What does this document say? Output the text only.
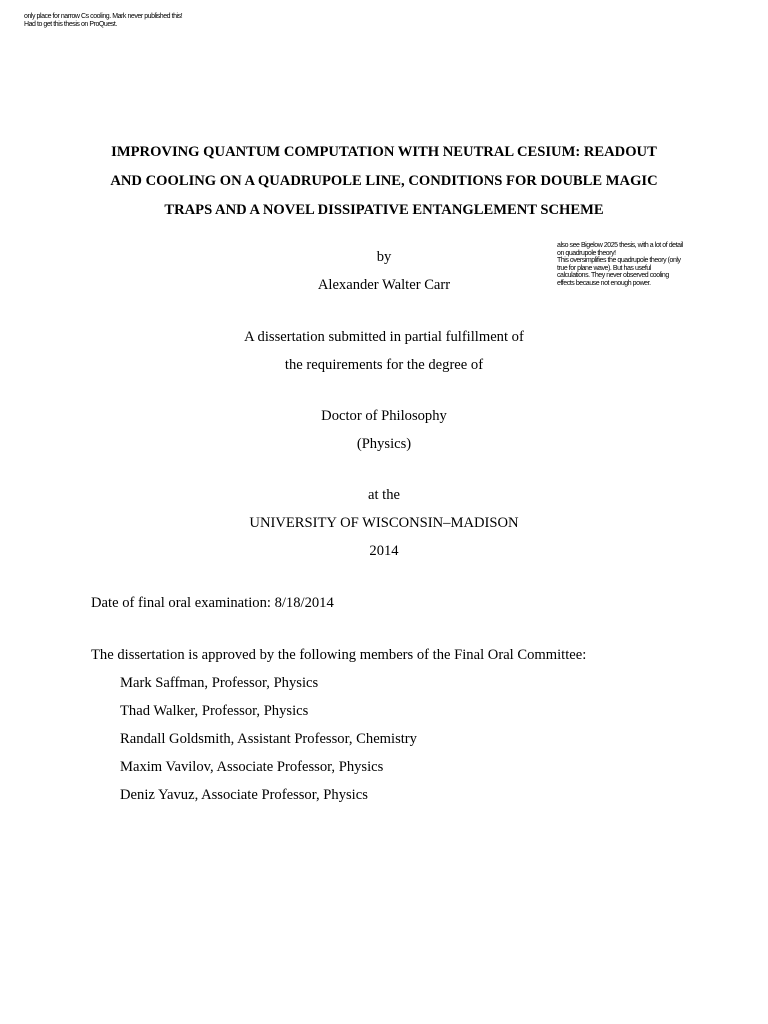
only place for narrow Cs cooling. Mark never published this!
Had to get this thesis on ProQuest.
also see Bigelow 2025 thesis, with a lot of detail
on quadrupole theory!
This oversimplifies the quadrupole theory (only
true for plane wave). But has useful
calculations. They never observed cooling
effects because not enough power.
IMPROVING QUANTUM COMPUTATION WITH NEUTRAL CESIUM: READOUT
AND COOLING ON A QUADRUPOLE LINE, CONDITIONS FOR DOUBLE MAGIC
TRAPS AND A NOVEL DISSIPATIVE ENTANGLEMENT SCHEME
by
Alexander Walter Carr
A dissertation submitted in partial fulfillment of
the requirements for the degree of
Doctor of Philosophy
(Physics)
at the
UNIVERSITY OF WISCONSIN–MADISON
2014
Date of final oral examination: 8/18/2014
The dissertation is approved by the following members of the Final Oral Committee:
Mark Saffman, Professor, Physics
Thad Walker, Professor, Physics
Randall Goldsmith, Assistant Professor, Chemistry
Maxim Vavilov, Associate Professor, Physics
Deniz Yavuz, Associate Professor, Physics
